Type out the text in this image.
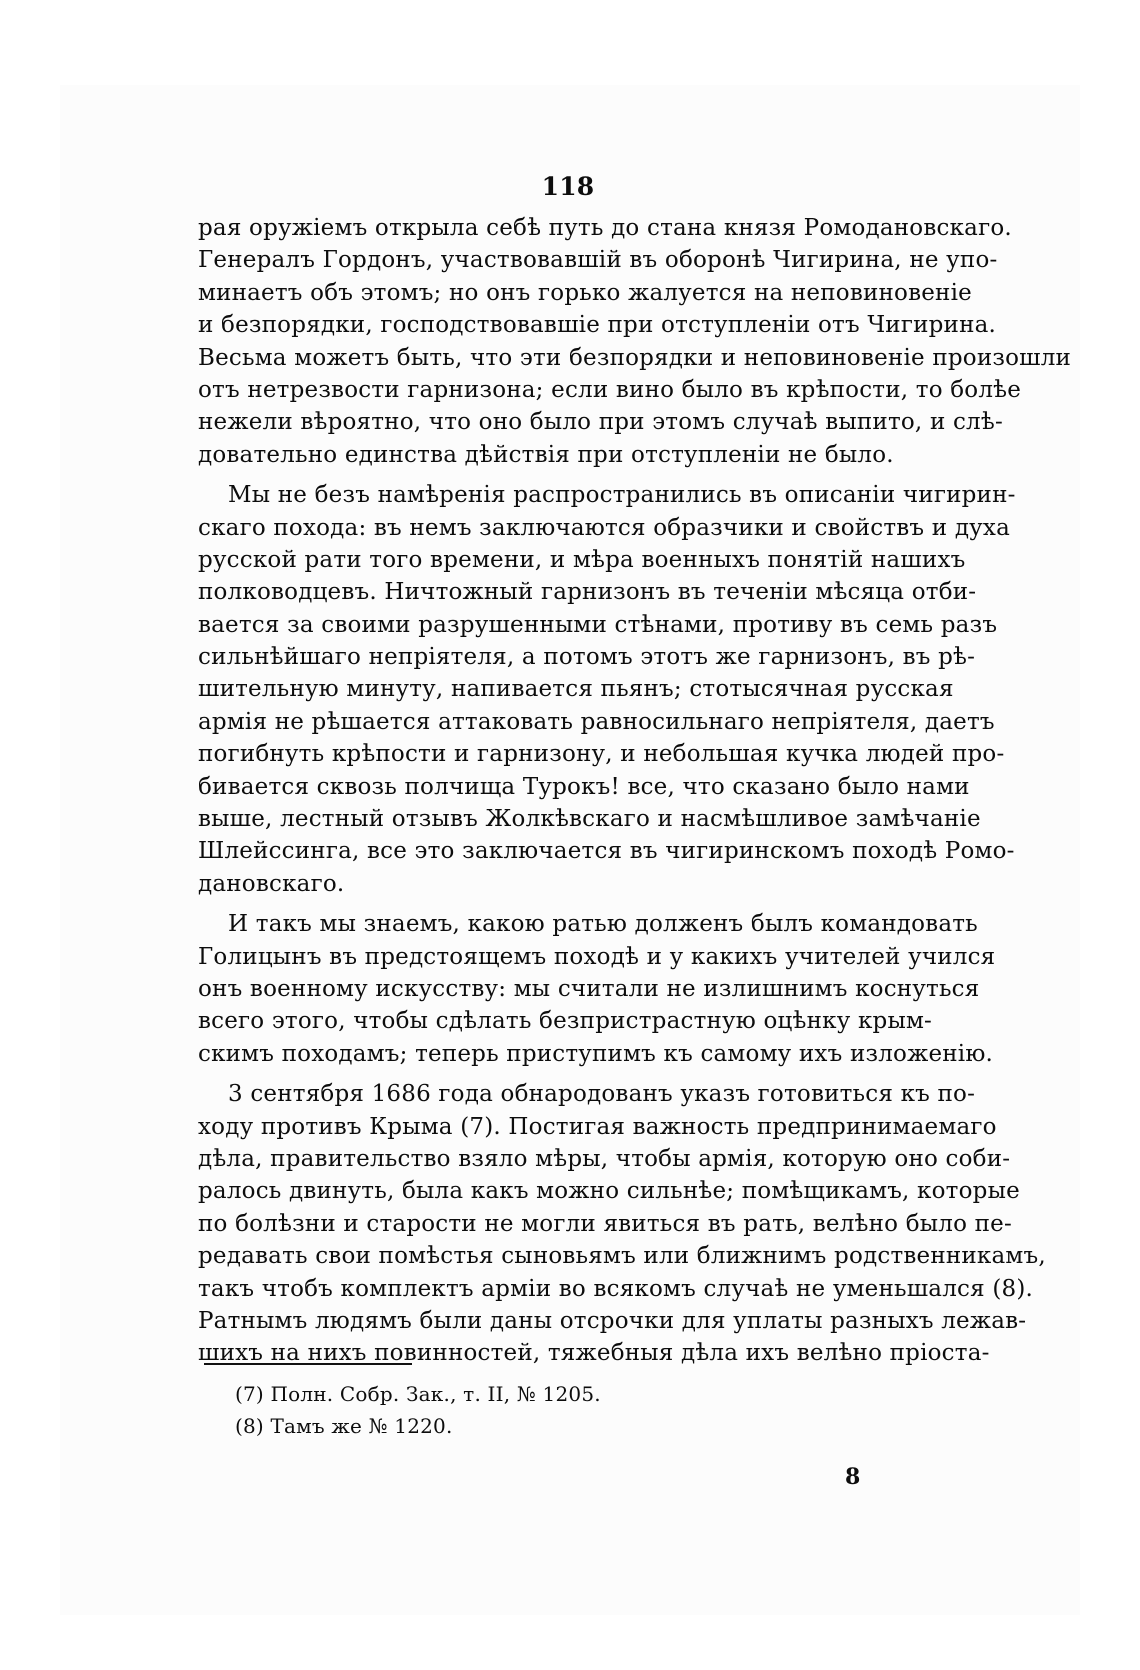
118
рая оружіемъ открыла себѣ путь до стана князя Ромодановскаго.
Генералъ Гордонъ, участвовавшій въ оборонѣ Чигирина, не упо-
минаетъ объ этомъ; но онъ горько жалуется на неповиновеніе
и безпорядки, господствовавшіе при отступленіи отъ Чигирина.
Весьма можетъ быть, что эти безпорядки и неповиновеніе произошли
отъ нетрезвости гарнизона; если вино было въ крѣпости, то болѣе
нежели вѣроятно, что оно было при этомъ случаѣ выпито, и слѣ-
довательно единства дѣйствія при отступленіи не было.
Мы не безъ намѣренія распространились въ описаніи чигирин-
скаго похода: въ немъ заключаются образчики и свойствъ и духа
русской рати того времени, и мѣра военныхъ понятій нашихъ
полководцевъ. Ничтожный гарнизонъ въ теченіи мѣсяца отби-
вается за своими разрушенными стѣнами, противу въ семь разъ
сильнѣйшаго непріятеля, а потомъ этотъ же гарнизонъ, въ рѣ-
шительную минуту, напивается пьянъ; стотысячная русская
армія не рѣшается аттаковать равносильнаго непріятеля, даетъ
погибнуть крѣпости и гарнизону, и небольшая кучка людей про-
бивается сквозь полчища Турокъ! все, что сказано было нами
выше, лестный отзывъ Жолкѣвскаго и насмѣшливое замѣчаніе
Шлейссинга, все это заключается въ чигиринскомъ походѣ Ромо-
дановскаго.
И такъ мы знаемъ, какою ратью долженъ былъ командовать
Голицынъ въ предстоящемъ походѣ и у какихъ учителей учился
онъ военному искусству: мы считали не излишнимъ коснуться
всего этого, чтобы сдѣлать безпристрастную оцѣнку крым-
скимъ походамъ; теперь приступимъ къ самому ихъ изложенію.
3 сентября 1686 года обнародованъ указъ готовиться къ по-
ходу противъ Крыма (7). Постигая важность предпринимаемаго
дѣла, правительство взяло мѣры, чтобы армія, которую оно соби-
ралось двинуть, была какъ можно сильнѣе; помѣщикамъ, которые
по болѣзни и старости не могли явиться въ рать, велѣно было пе-
редавать свои помѣстья сыновьямъ или ближнимъ родственникамъ,
такъ чтобъ комплектъ арміи во всякомъ случаѣ не уменьшался (8).
Ратнымъ людямъ были даны отсрочки для уплаты разныхъ лежав-
шихъ на нихъ повинностей, тяжебныя дѣла ихъ велѣно пріоста-
(7) Полн. Собр. Зак., т. II, № 1205.
(8) Тамъ же № 1220.
8
